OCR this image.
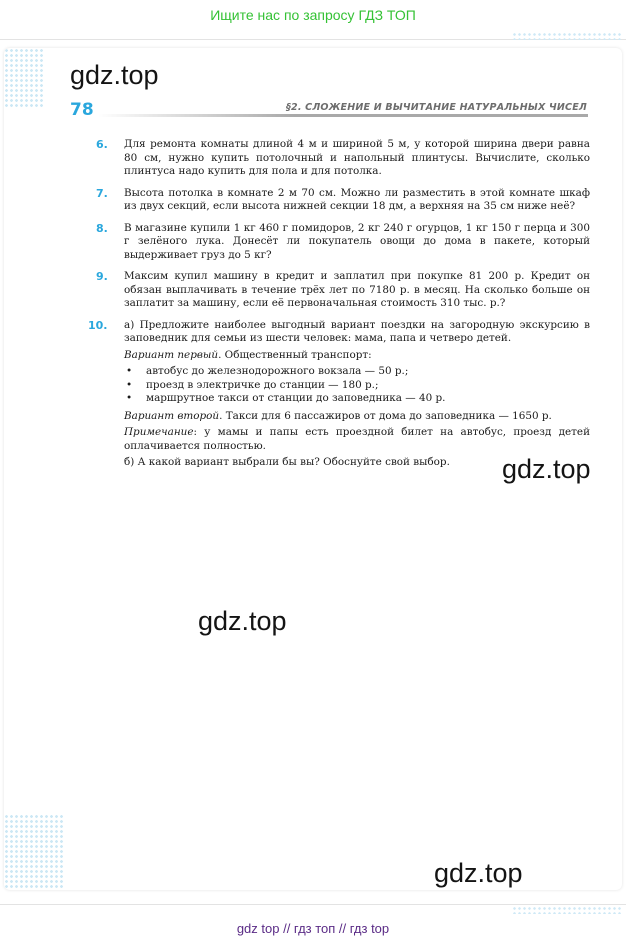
Ищите нас по запросу ГДЗ ТОП
gdz.top
78	§2. СЛОЖЕНИЕ И ВЫЧИТАНИЕ НАТУРАЛЬНЫХ ЧИСЕЛ
6. Для ремонта комнаты длиной 4 м и шириной 5 м, у которой ширина двери равна 80 см, нужно купить потолочный и напольный плинтусы. Вычислите, сколько плинтуса надо купить для пола и для потолка.

7. Высота потолка в комнате 2 м 70 см. Можно ли разместить в этой комнате шкаф из двух секций, если высота нижней секции 18 дм, а верхняя на 35 см ниже неё?

8. В магазине купили 1 кг 460 г помидоров, 2 кг 240 г огурцов, 1 кг 150 г перца и 300 г зелёного лука. Донесёт ли покупатель овощи до дома в пакете, который выдерживает груз до 5 кг?

9. Максим купил машину в кредит и заплатил при покупке 81 200 р. Кредит он обязан выплачивать в течение трёх лет по 7180 р. в месяц. На сколько больше он заплатит за машину, если её первоначальная стоимость 310 тыс. р.?

10. а) Предложите наиболее выгодный вариант поездки на загородную экскурсию в заповедник для семьи из шести человек: мама, папа и четверо детей.

Вариант первый. Общественный транспорт:

• автобус до железнодорожного вокзала — 50 р.;
• проезд в электричке до станции — 180 р.;
• маршрутное такси от станции до заповедника — 40 р.

Вариант второй. Такси для 6 пассажиров от дома до заповедника — 1650 р.

Примечание: у мамы и папы есть проездной билет на автобус, проезд детей оплачивается полностью.

б) А какой вариант выбрали бы вы? Обоснуйте свой выбор.	gdz.top
gdz.top
gdz.top
gdz top // гдз топ // гдз top
